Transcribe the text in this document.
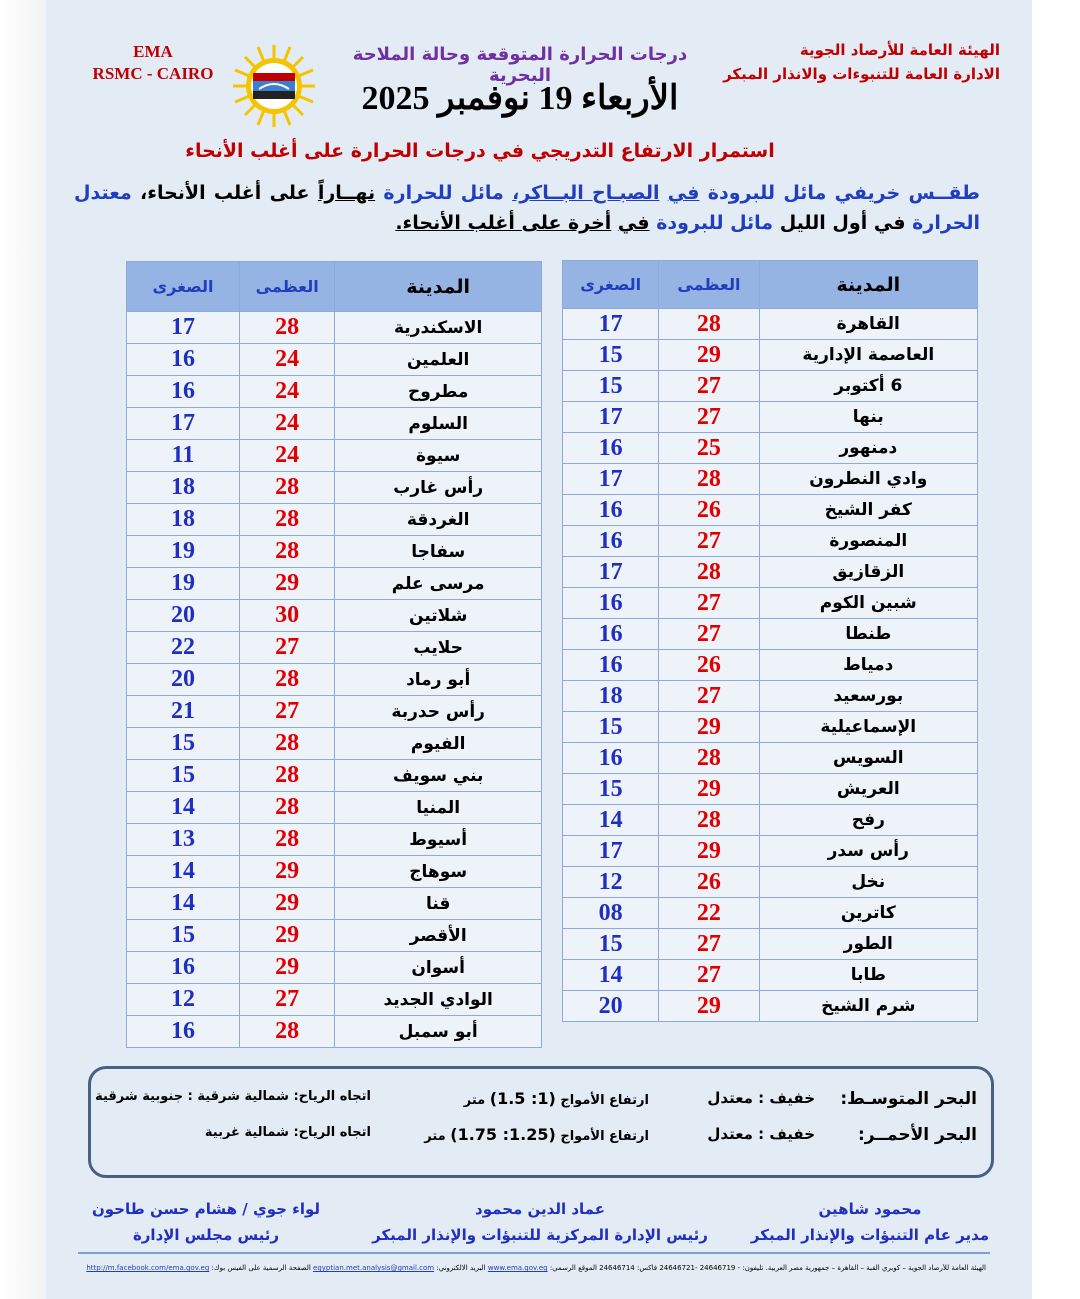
EMA
RSMC - CAIRO
درجات الحرارة المتوقعة وحالة الملاحة البحرية
الأربعاء 19 نوفمبر 2025
الهيئة العامة للأرصاد الجوية
الادارة العامة للتنبوءات والانذار المبكر
استمرار الارتفاع التدريجي في درجات الحرارة على أغلب الأنحاء
طقــس خريفي مائل للبرودة في الصبـاح البــاكر، مائل للحرارة نهــاراً على أغلب الأنحاء، معتدل الحرارة في أول الليل مائل للبرودة في أخرة على أغلب الأنحاء.
المدينة	العظمى	الصغرى
القاهرة	28	17
العاصمة الإدارية	29	15
6 أكتوبر	27	15
بنها	27	17
دمنهور	25	16
وادي النطرون	28	17
كفر الشيخ	26	16
المنصورة	27	16
الزقازيق	28	17
شبين الكوم	27	16
طنطا	27	16
دمياط	26	16
بورسعيد	27	18
الإسماعيلية	29	15
السويس	28	16
العريش	29	15
رفح	28	14
رأس سدر	29	17
نخل	26	12
كاترين	22	08
الطور	27	15
طابا	27	14
شرم الشيخ	29	20
المدينة	العظمى	الصغرى
الاسكندرية	28	17
العلمين	24	16
مطروح	24	16
السلوم	24	17
سيوة	24	11
رأس غارب	28	18
الغردقة	28	18
سفاجا	28	19
مرسى علم	29	19
شلاتين	30	20
حلايب	27	22
أبو رماد	28	20
رأس حدربة	27	21
الفيوم	28	15
بني سويف	28	15
المنيا	28	14
أسيوط	28	13
سوهاج	29	14
قنا	29	14
الأقصر	29	15
أسوان	29	16
الوادي الجديد	27	12
أبو سمبل	28	16
البحر المتوسـط:
خفيف : معتدل
ارتفاع الأمواج (1: 1.5) متر
اتجاه الرياح: شمالية شرقية : جنوبية شرقية
البحر الأحمــر:
خفيف : معتدل
ارتفاع الأمواج (1.25: 1.75) متر
اتجاه الرياح: شمالية غربية
محمود شاهين
مدير عام التنبؤات والإنذار المبكر
عماد الدين محمود
رئيس الإدارة المركزية للتنبؤات والإنذار المبكر
لواء جوي / هشام حسن طاحون
رئيس مجلس الإدارة
الهيئة العامة للأرصاد الجوية – كوبري القبة – القاهرة – جمهورية مصر العربية. تليفون: - 24646719 -24646721 فاكس: 24646714 الموقع الرسمي: www.ema.gov.eg البريد الالكتروني: egyptian.met.analysis@gmail.com الصفحة الرسمية على الفيس بوك: http://m.facebook.com/ema.gov.eg
